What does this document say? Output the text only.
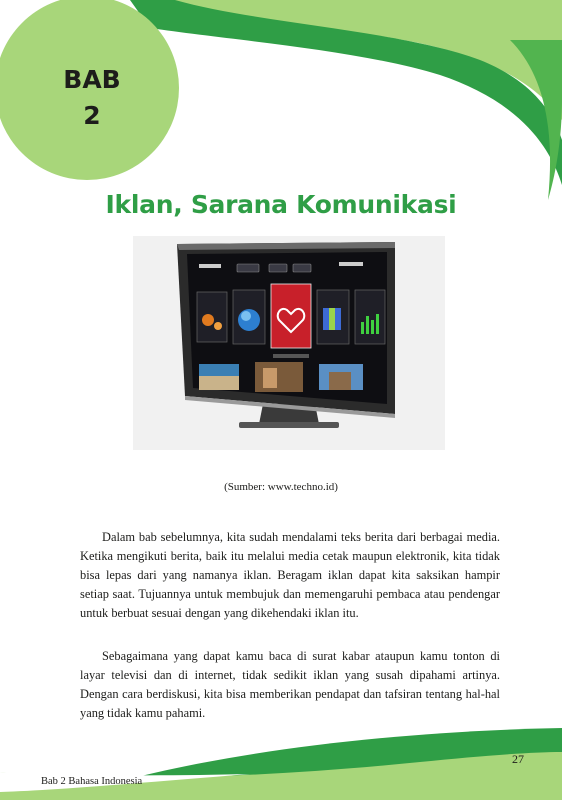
BAB
2
Iklan, Sarana Komunikasi
(Sumber: www.techno.id)

Dalam bab sebelumnya, kita sudah mendalami teks berita dari berbagai media. Ketika mengikuti berita, baik itu melalui media cetak maupun elektronik, kita tidak bisa lepas dari yang namanya iklan. Beragam iklan dapat kita saksikan hampir setiap saat. Tujuannya untuk membujuk dan memengaruhi pembaca atau pendengar untuk berbuat sesuai dengan yang dikehendaki iklan itu.

Sebagaimana yang dapat kamu baca di surat kabar ataupun kamu tonton di layar televisi dan di internet, tidak sedikit iklan yang susah dipahami artinya. Dengan cara berdiskusi, kita bisa memberikan pendapat dan tafsiran tentang hal-hal yang tidak kamu pahami.

27
Bab 2 Bahasa Indonesia
